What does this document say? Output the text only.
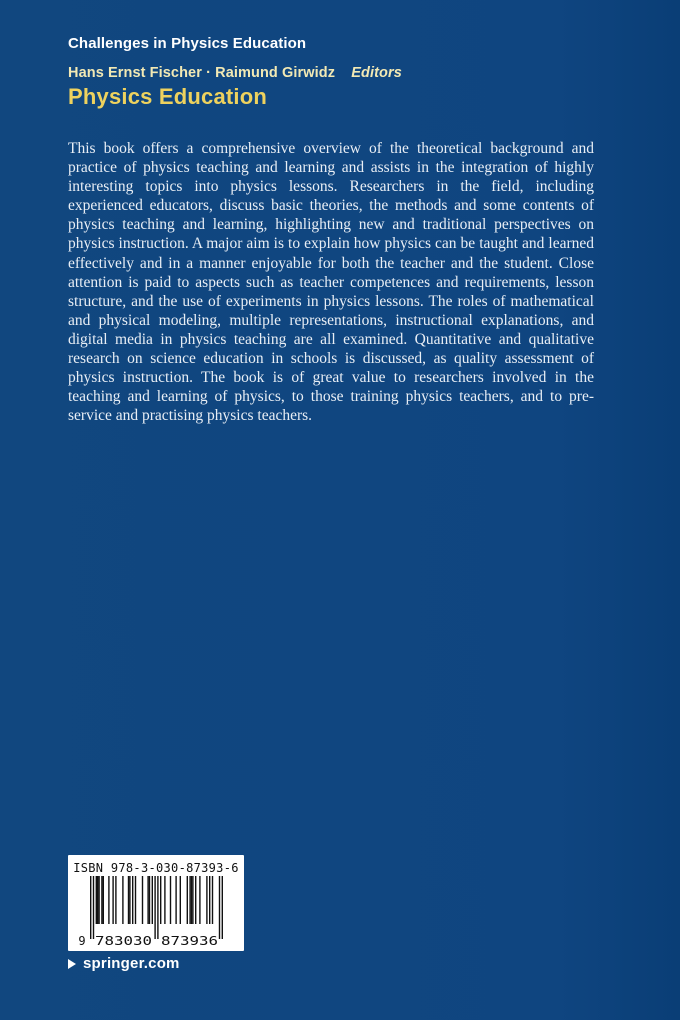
Challenges in Physics Education
Hans Ernst Fischer · Raimund Girwidz Editors
Physics Education

This book offers a comprehensive overview of the theoretical background and practice of physics teaching and learning and assists in the integration of highly interesting topics into physics lessons. Researchers in the field, including experienced educators, discuss basic theories, the methods and some contents of physics teaching and learning, highlighting new and traditional perspectives on physics instruction. A major aim is to explain how physics can be taught and learned effectively and in a manner enjoyable for both the teacher and the student. Close attention is paid to aspects such as teacher competences and requirements, lesson structure, and the use of experiments in physics lessons. The roles of mathematical and physical modeling, multiple representations, instructional explanations, and digital media in physics teaching are all examined. Quantitative and qualitative research on science education in schools is discussed, as quality assessment of physics instruction. The book is of great value to researchers involved in the teaching and learning of physics, to those training physics teachers, and to pre-service and practising physics teachers.

ISBN 978-3-030-87393-6
9 783030 873936
springer.com
